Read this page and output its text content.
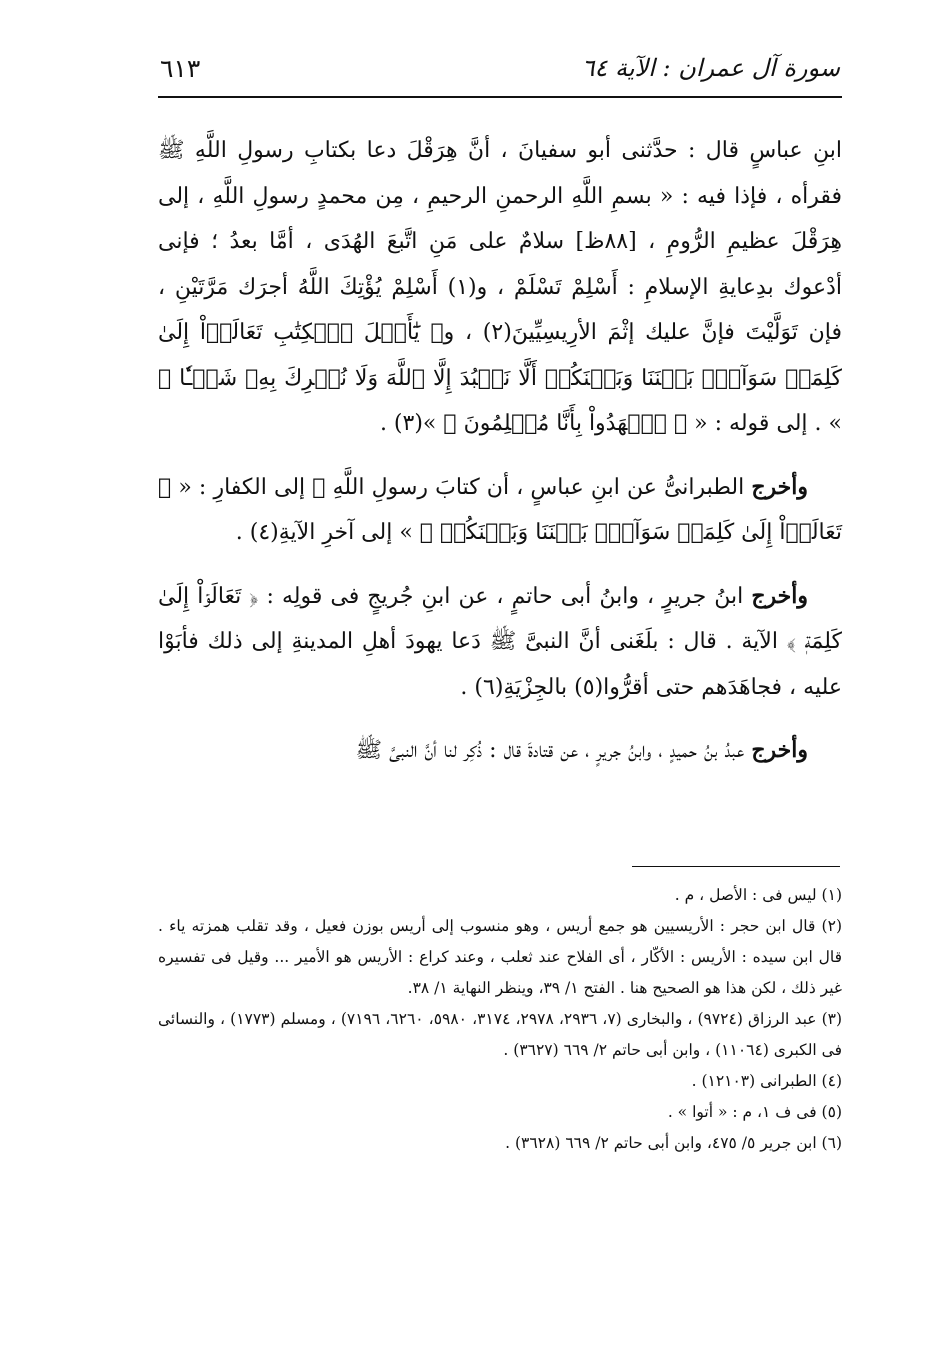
سورة آل عمران : الآية ٦٤
٦١٣

ابنِ عباسٍ قال : حدَّثنى أبو سفيانَ ، أنَّ هِرَقْلَ دعا بكتابِ رسولِ اللَّهِ ﷺ فقرأه ، فإذا فيه : « بسمِ اللَّهِ الرحمنِ الرحيمِ ، مِن محمدٍ رسولِ اللَّهِ ، إلى هِرَقْلَ عظيمِ الرُّومِ ، [٨٨ظ] سلامٌ على مَنِ اتَّبعَ الهُدَى ، أمَّا بعدُ ؛ فإنى أدْعوك بدِعايةِ الإسلامِ : أَسْلِمْ تَسْلَمْ ، و(١) أَسْلِمْ يُؤْتِكَ اللَّهُ أجرَك مَرَّتَيْنِ ، فإن تَوَلَّيْتَ فإنَّ عليك إثْمَ الأرِيسِيِّينَ(٢) ، و﴿ يَٰٓأَهۡلَ ٱلۡكِتَٰبِ تَعَالَوۡاْ إِلَىٰ كَلِمَةٖ سَوَآءِۭ بَيۡنَنَا وَبَيۡنَكُمۡ أَلَّا نَعۡبُدَ إِلَّا ٱللَّهَ وَلَا نُشۡرِكَ بِهِۦ شَيۡـٔٗا ﴾ » . إلى قوله : « ﴿ ٱشۡهَدُواْ بِأَنَّا مُسۡلِمُونَ ﴾ »(٣) .

وأخرج الطبرانىُّ عن ابنِ عباسٍ ، أن كتابَ رسولِ اللَّهِ ﷺ إلى الكفارِ : « ﴿ تَعَالَوۡاْ إِلَىٰ كَلِمَةٖ سَوَآءِۭ بَيۡنَنَا وَبَيۡنَكُمۡ ﴾ » إلى آخرِ الآيةِ(٤) .

وأخرج ابنُ جريرٍ ، وابنُ أبى حاتمٍ ، عن ابنِ جُريجٍ فى قولِه : ﴿ تَعَالَوۡاْ إِلَىٰ كَلِمَةٖ ﴾ الآية . قال : بلَغَنى أنَّ النبىَّ ﷺ دَعا يهودَ أهلِ المدينةِ إلى ذلك فأبَوْا عليه ، فجاهَدَهم حتى أقرُّوا(٥) بالجِزْيَةِ(٦) .

وأخرج عبدُ بنُ حميدٍ ، وابنُ جريرٍ ، عن قتادةَ قال : ذُكِر لنا أنَّ النبىَّ ﷺ

(١) ليس فى : الأصل ، م .

(٢) قال ابن حجر : الأريسيين هو جمع أريس ، وهو منسوب إلى أريس بوزن فعيل ، وقد تقلب همزته ياء . قال ابن سيده : الأريس : الأكّار ، أى الفلاح عند ثعلب ، وعند كراع : الأريس هو الأمير ... وقيل فى تفسيره غير ذلك ، لكن هذا هو الصحيح هنا . الفتح ١/ ٣٩، وينظر النهاية ١/ ٣٨.

(٣) عبد الرزاق (٩٧٢٤) ، والبخارى (٧، ٢٩٣٦، ٢٩٧٨، ٣١٧٤، ٥٩٨٠، ٦٢٦٠، ٧١٩٦) ، ومسلم (١٧٧٣) ، والنسائى فى الكبرى (١١٠٦٤) ، وابن أبى حاتم ٢/ ٦٦٩ (٣٦٢٧) .

(٤) الطبرانى (١٢١٠٣) .

(٥) فى ف ١، م : « أتوا » .

(٦) ابن جرير ٥/ ٤٧٥، وابن أبى حاتم ٢/ ٦٦٩ (٣٦٢٨) .
